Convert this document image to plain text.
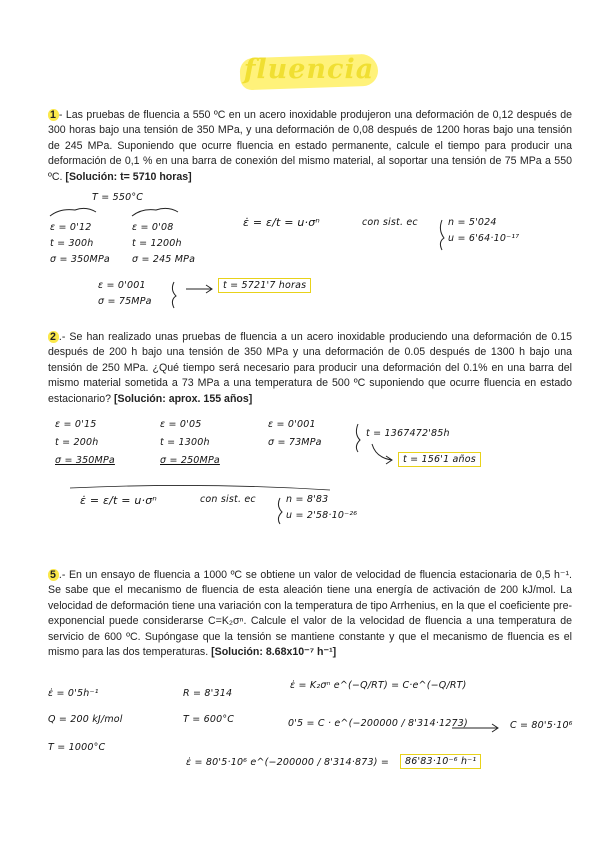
fluencia
1 - Las pruebas de fluencia a 550 ºC en un acero inoxidable produjeron una deformación de 0,12 después de 300 horas bajo una tensión de 350 MPa, y una deformación de 0,08 después de 1200 horas bajo una tensión de 245 MPa. Suponiendo que ocurre fluencia en estado permanente, calcule el tiempo para producir una deformación de 0,1 % en una barra de conexión del mismo material, al soportar una tensión de 75 MPa a 550 ºC. [Solución: t= 5710 horas]
T = 550°C
ε = 0'12
t = 300h
σ = 350MPa
ε = 0'08
t = 1200h
σ = 245 MPa
ε̇ = ε/t = u·σⁿ	con sist. ec	n = 5'024
u = 6'64·10⁻¹⁷
ε = 0'001
σ = 75MPa
t = 5721'7 horas
2 .- Se han realizado unas pruebas de fluencia a un acero inoxidable produciendo una deformación de 0.15 después de 200 h bajo una tensión de 350 MPa y una deformación de 0.05 después de 1300 h bajo una tensión de 250 MPa. ¿Qué tiempo será necesario para producir una deformación del 0.1% en una barra del mismo material sometida a 73 MPa a una temperatura de 500 ºC suponiendo que ocurre fluencia en estado estacionario? [Solución: aprox. 155 años]
ε = 0'15
t = 200h
σ = 350MPa
ε = 0'05
t = 1300h
σ = 250MPa
ε = 0'001
σ = 73MPa
t = 1367472'85h
t = 156'1 años
ε̇ = ε/t = u·σⁿ	con sist. ec	n = 8'83
u = 2'58·10⁻²⁶
5 .- En un ensayo de fluencia a 1000 ºC se obtiene un valor de velocidad de fluencia estacionaria de 0,5 h⁻¹. Se sabe que el mecanismo de fluencia de esta aleación tiene una energía de activación de 200 kJ/mol. La velocidad de deformación tiene una variación con la temperatura de tipo Arrhenius, en la que el coeficiente pre-exponencial puede considerarse C=K₂σⁿ. Calcule el valor de la velocidad de fluencia a una temperatura de servicio de 600 ºC. Supóngase que la tensión se mantiene constante y que el mecanismo de fluencia es el mismo para las dos temperaturas. [Solución: 8.68x10⁻⁷ h⁻¹]
ε̇ = 0'5h⁻¹
Q = 200 kJ/mol
T = 1000°C
R = 8'314
T = 600°C
ε̇ = K₂σⁿ e^(−Q/RT) = C·e^(−Q/RT)
0'5 = C · e^(−200000 / 8'314·1273)	C = 80'5·10⁶
ε̇ = 80'5·10⁶ e^(−200000 / 8'314·873) =	86'83·10⁻⁶ h⁻¹
